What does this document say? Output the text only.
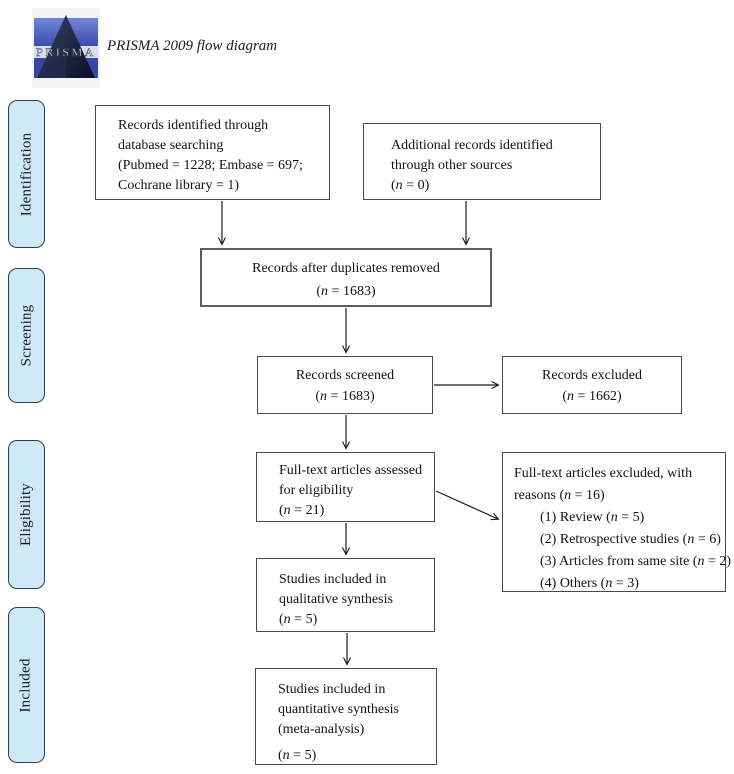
PRISMA PRISMA 2009 flow diagram
Identification
Screening
Eligibility
Included
Records identified through
database searching
(Pubmed = 1228; Embase = 697;
Cochrane library = 1)
Additional records identified
through other sources
(n = 0)
Records after duplicates removed
(n = 1683)
Records screened
(n = 1683)
Records excluded
(n = 1662)
Full-text articles assessed
for eligibility
(n = 21)
Full-text articles excluded, with
reasons (n = 16)
(1) Review (n = 5)
(2) Retrospective studies (n = 6)
(3) Articles from same site (n = 2)
(4) Others (n = 3)
Studies included in
qualitative synthesis
(n = 5)
Studies included in
quantitative synthesis
(meta-analysis)
(n = 5)
